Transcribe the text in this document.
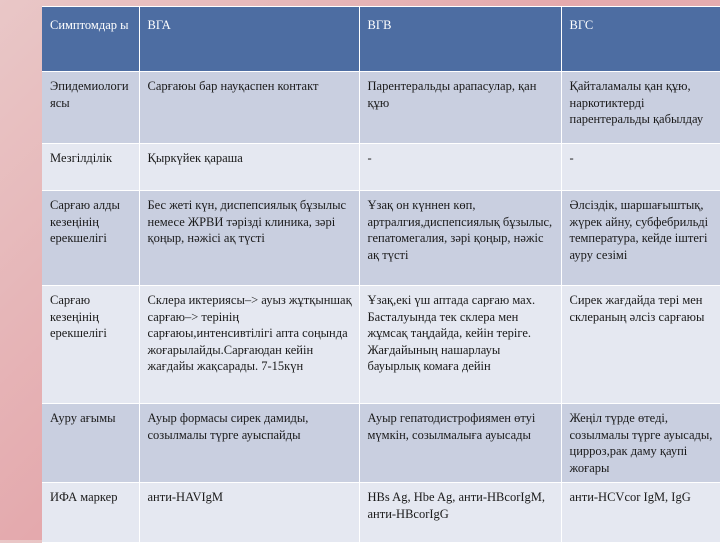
Симптомдар ы	ВГА	ВГВ	ВГС
Эпидемиологиясы	Сарғаюы бар науқаспен контакт	Парентеральды арапасулар, қан құю	Қайталамалы қан құю, наркотиктерді парентеральды қабылдау
Мезгілділік	Қыркүйек қараша	-	-
Сарғаю алды кезеңінің ерекшелігі	Бес жеті күн, диспепсиялық бұзылыс немесе ЖРВИ тәрізді клиника, зәрі қоңыр, нәжісі ақ түсті	Ұзақ он күннен көп, артралгия,диспепсиялық бұзылыс, гепатомегалия, зәрі қоңыр, нәжіс ақ түсті	Әлсіздік, шаршағыштық, жүрек айну, субфебрильді температура, кейде іштегі ауру сезімі
Сарғаю кезеңінің ерекшелігі	Склера иктериясы–> ауыз жұтқыншақ сарғаю–> терінің сарғаюы,интенсивтілігі апта соңында жоғарылайды.Сарғаюдан кейін жағдайы жақсарады. 7-15күн	Ұзақ,екі үш аптада сарғаю мах. Басталуында тек склера мен жұмсақ таңдайда, кейін теріге. Жағдайының нашарлауы бауырлық комаға дейін	Сирек жағдайда тері мен склераның әлсіз сарғаюы
Ауру ағымы	Ауыр формасы сирек дамиды, созылмалы түрге ауыспайды	Ауыр гепатодистрофиямен өтуі мүмкін, созылмалыға ауысады	Жеңіл түрде өтеді, созылмалы түрге ауысады, цирроз,рак даму қаупі жоғары
ИФА маркер	анти-HAVIgM	HBs Ag, Hbe Ag, анти-HBcorIgM, анти-HBcorIgG	анти-HCVcor IgM, IgG
